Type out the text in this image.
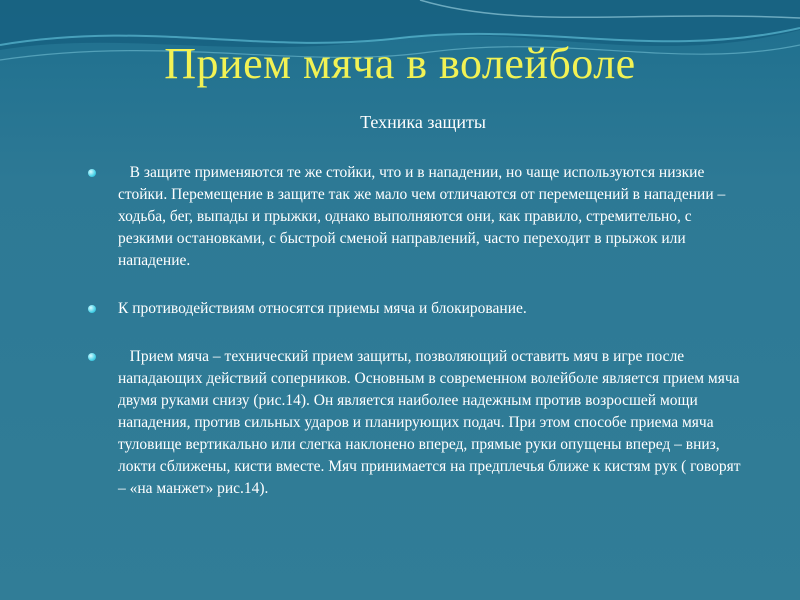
Прием мяча в волейболе
Техника защиты
В защите применяются те же стойки, что и в нападении, но чаще используются низкие стойки. Перемещение в защите так же мало чем отличаются от перемещений в нападении – ходьба, бег, выпады и прыжки, однако выполняются они, как правило, стремительно, с резкими остановками, с быстрой сменой направлений, часто переходит в прыжок или нападение.
К противодействиям относятся приемы мяча и блокирование.
Прием мяча – технический прием защиты, позволяющий оставить мяч в игре после нападающих действий соперников. Основным в современном волейболе является прием мяча двумя руками снизу (рис.14). Он является наиболее надежным против возросшей мощи нападения, против сильных ударов и планирующих подач. При этом способе приема мяча туловище вертикально или слегка наклонено вперед, прямые руки опущены вперед – вниз, локти сближены, кисти вместе. Мяч принимается на предплечья ближе к кистям рук ( говорят – «на манжет» рис.14).
